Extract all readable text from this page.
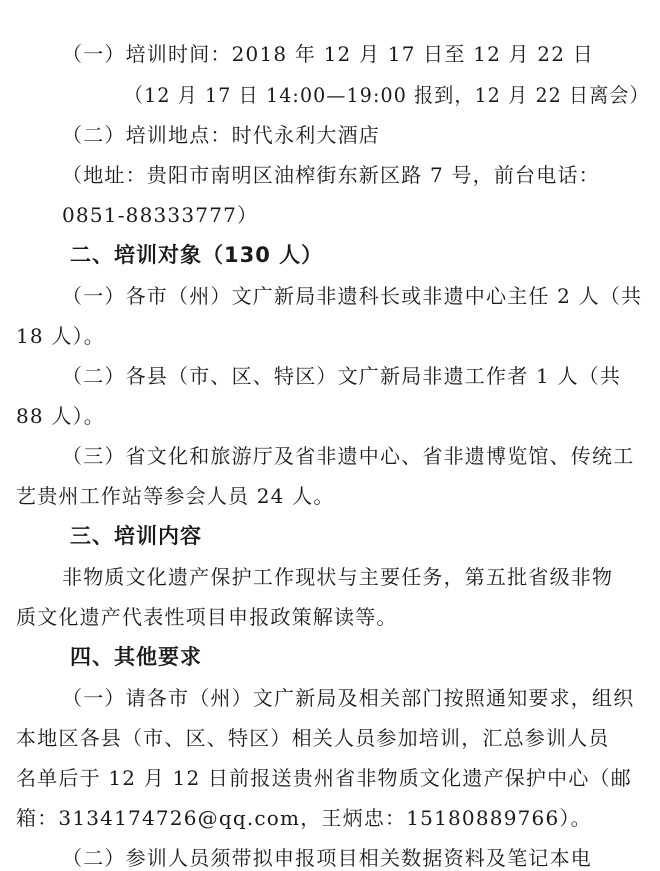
（一）培训时间：2018 年 12 月 17 日至 12 月 22 日
（12 月 17 日 14:00—19:00 报到，12 月 22 日离会）
（二）培训地点：时代永利大酒店
（地址：贵阳市南明区油榨街东新区路 7 号，前台电话：
0851-88333777）
二、培训对象（130 人）
（一）各市（州）文广新局非遗科长或非遗中心主任 2 人（共
18 人）。
（二）各县（市、区、特区）文广新局非遗工作者 1 人（共
88 人）。
（三）省文化和旅游厅及省非遗中心、省非遗博览馆、传统工
艺贵州工作站等参会人员 24 人。
三、培训内容
非物质文化遗产保护工作现状与主要任务，第五批省级非物
质文化遗产代表性项目申报政策解读等。
四、其他要求
（一）请各市（州）文广新局及相关部门按照通知要求，组织
本地区各县（市、区、特区）相关人员参加培训，汇总参训人员
名单后于 12 月 12 日前报送贵州省非物质文化遗产保护中心（邮
箱：3134174726@qq.com，王炳忠：15180889766）。
（二）参训人员须带拟申报项目相关数据资料及笔记本电
